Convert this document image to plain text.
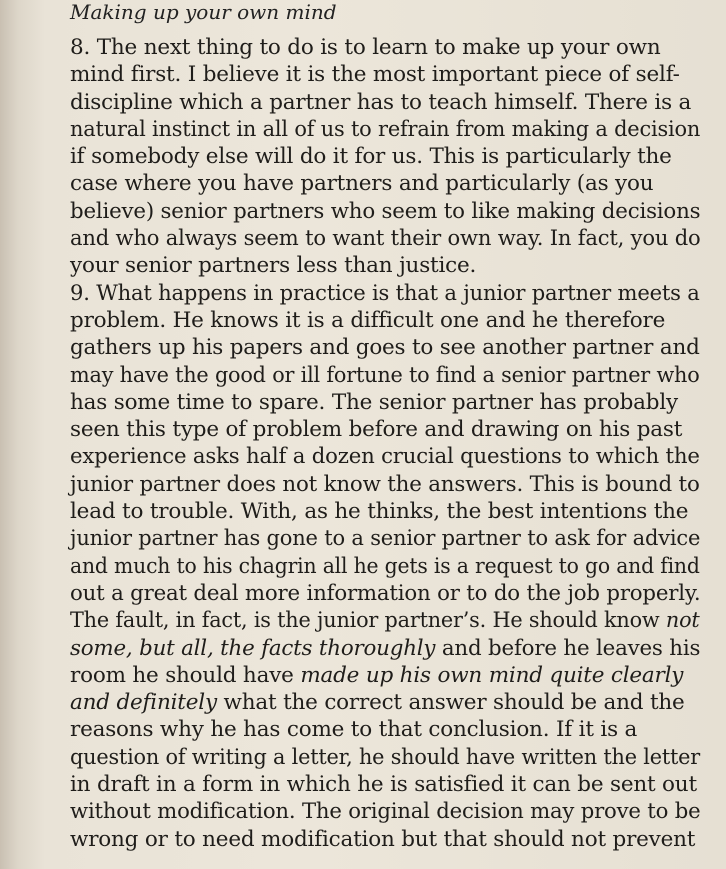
Making up your own mind
8. The next thing to do is to learn to make up your own
mind first. I believe it is the most important piece of self-
discipline which a partner has to teach himself. There is a
natural instinct in all of us to refrain from making a decision
if somebody else will do it for us. This is particularly the
case where you have partners and particularly (as you
believe) senior partners who seem to like making decisions
and who always seem to want their own way. In fact, you do
your senior partners less than justice.
9. What happens in practice is that a junior partner meets a
problem. He knows it is a difficult one and he therefore
gathers up his papers and goes to see another partner and
may have the good or ill fortune to find a senior partner who
has some time to spare. The senior partner has probably
seen this type of problem before and drawing on his past
experience asks half a dozen crucial questions to which the
junior partner does not know the answers. This is bound to
lead to trouble. With, as he thinks, the best intentions the
junior partner has gone to a senior partner to ask for advice
and much to his chagrin all he gets is a request to go and find
out a great deal more information or to do the job properly.
The fault, in fact, is the junior partner’s. He should know not
some, but all, the facts thoroughly and before he leaves his
room he should have made up his own mind quite clearly
and definitely what the correct answer should be and the
reasons why he has come to that conclusion. If it is a
question of writing a letter, he should have written the letter
in draft in a form in which he is satisfied it can be sent out
without modification. The original decision may prove to be
wrong or to need modification but that should not prevent
